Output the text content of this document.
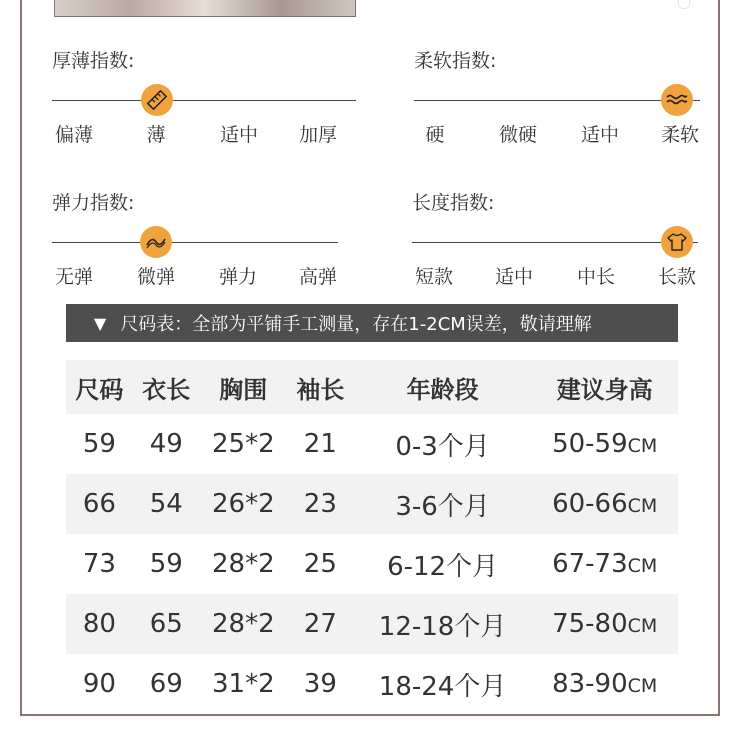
厚薄指数:
偏薄	薄	适中 加厚
柔软指数:
硬	微硬 适中 柔软
弹力指数:
无弹 微弹 弹力 高弹
长度指数:
短款 适中 中长 长款
▼ 尺码表：全部为平铺手工测量，存在1-2CM误差，敬请理解
尺码	衣长	胸围	袖长	年龄段	建议身高
59	49	25*2	21	0-3个月	50-59CM
66	54	26*2	23	3-6个月	60-66CM
73	59	28*2	25	6-12个月	67-73CM
80	65	28*2	27	12-18个月	75-80CM
90	69	31*2	39	18-24个月	83-90CM
